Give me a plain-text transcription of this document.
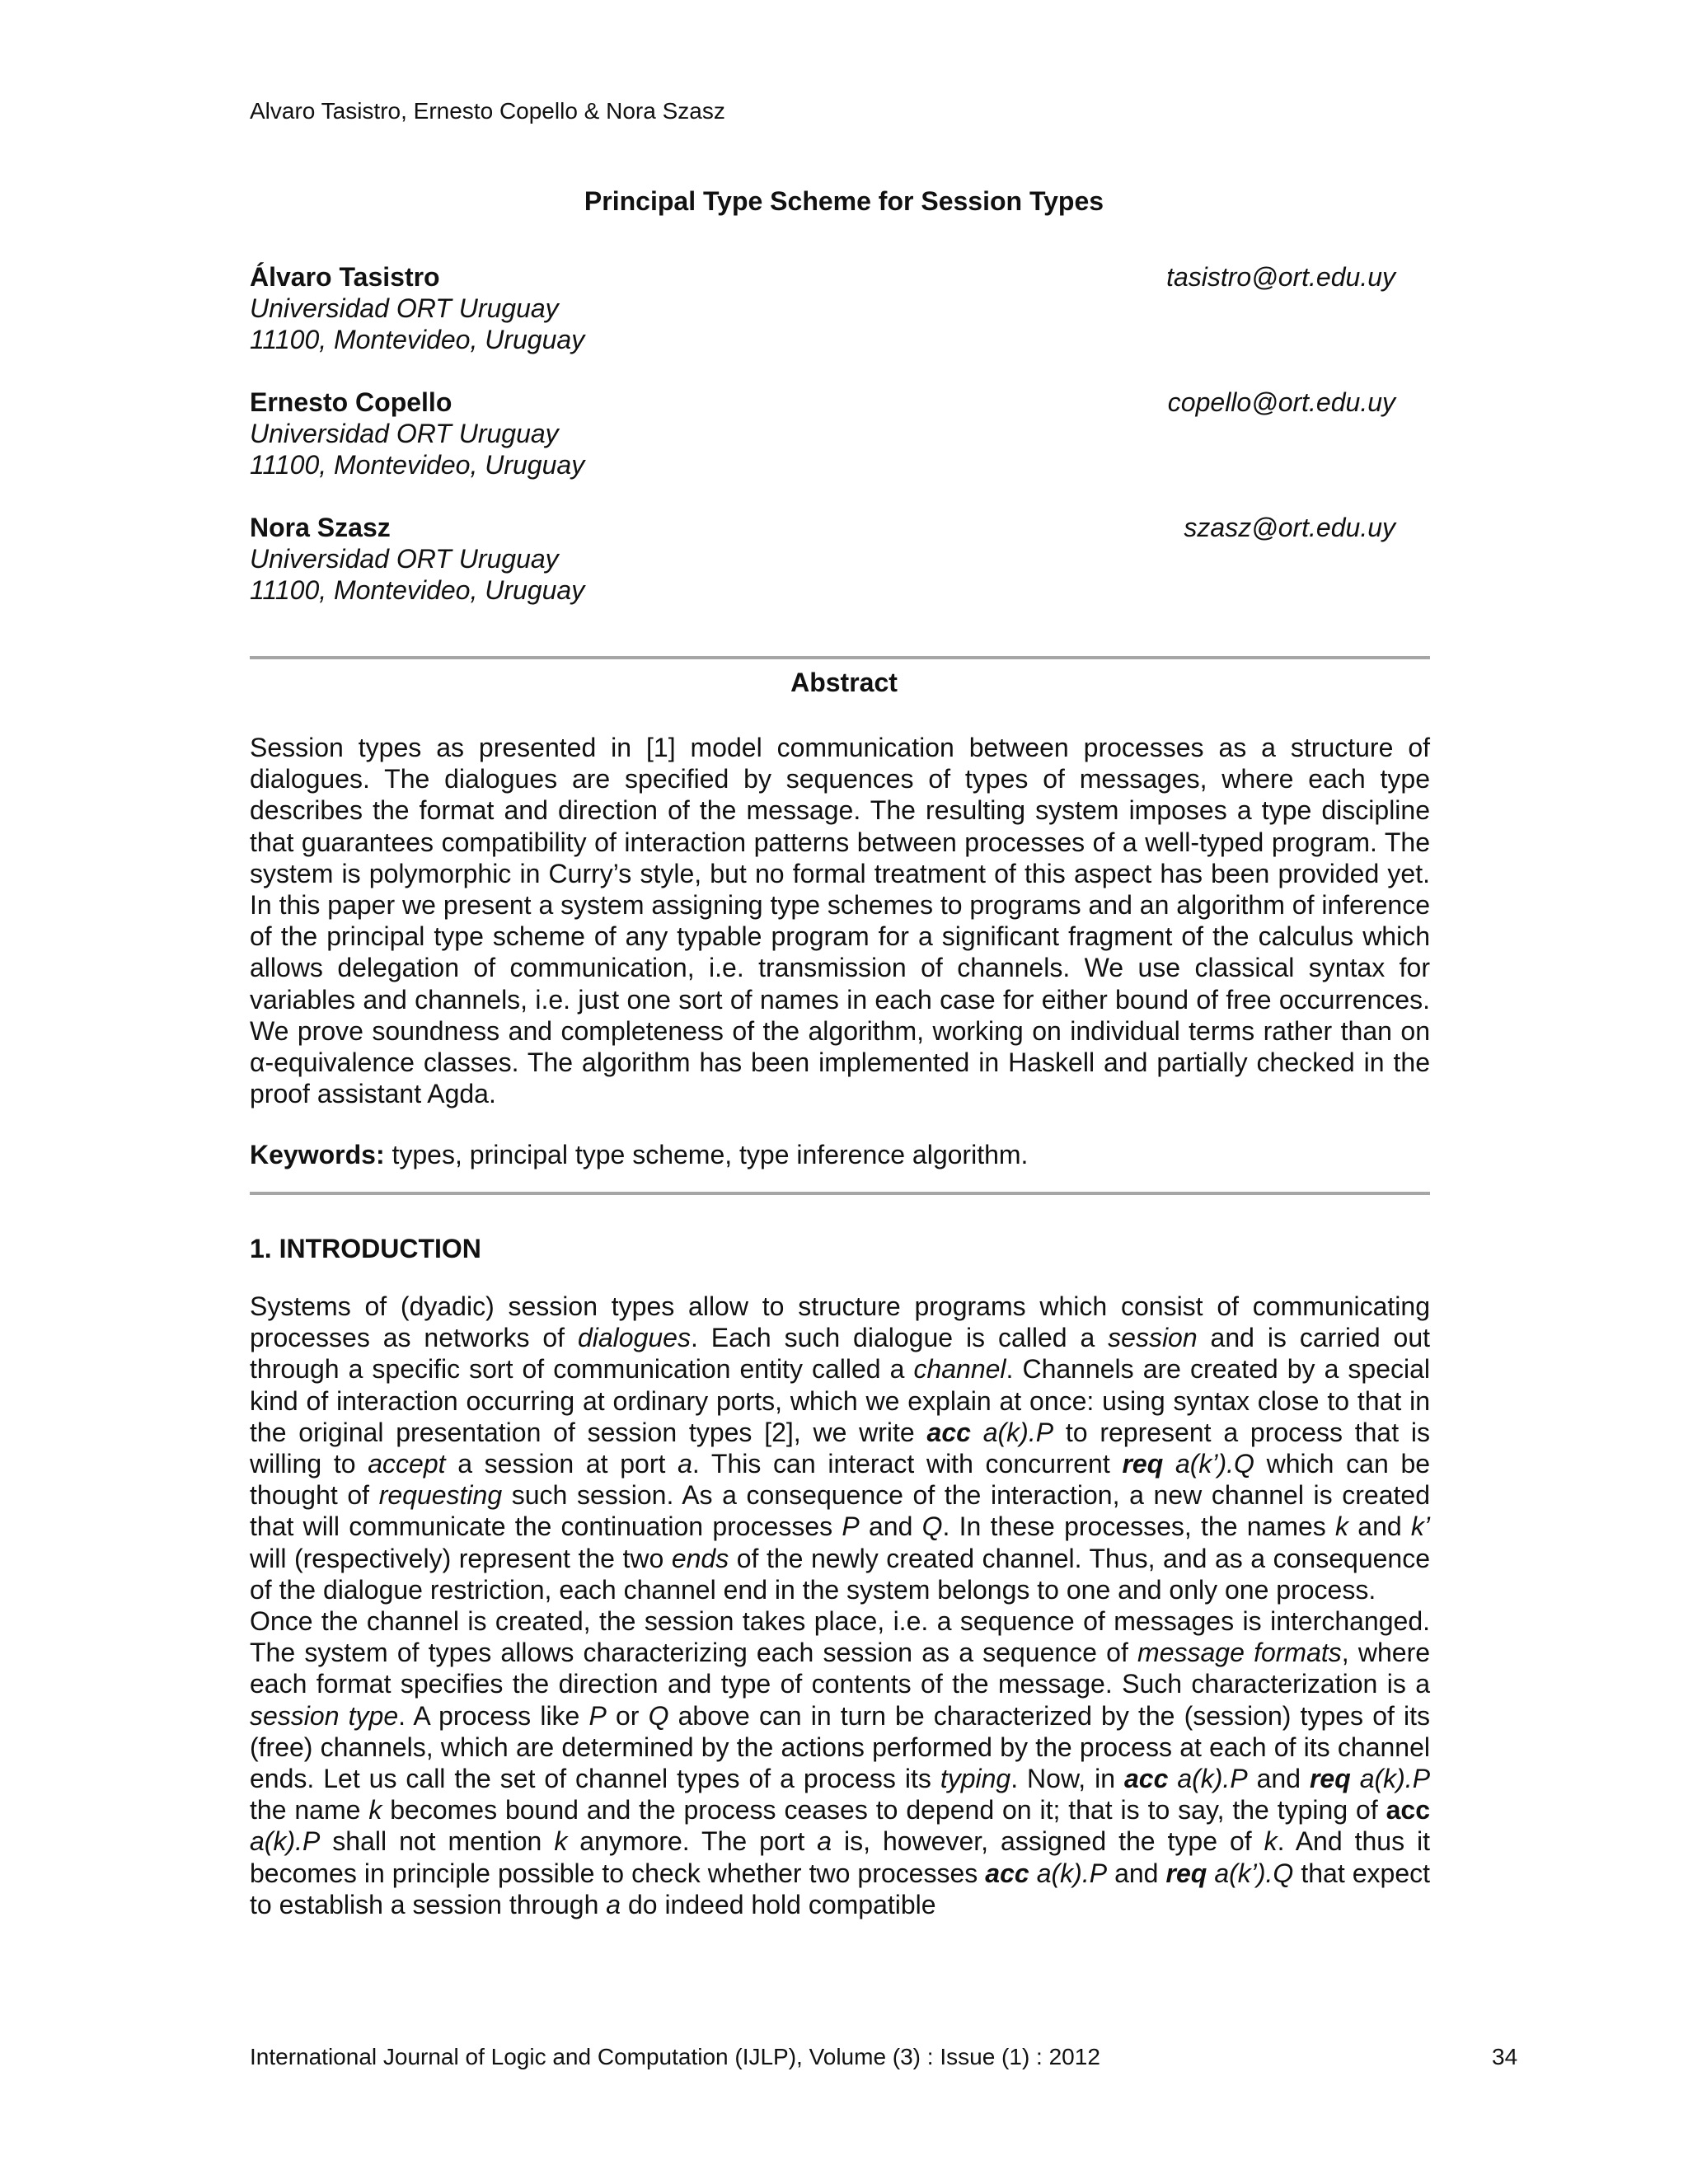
Alvaro Tasistro, Ernesto Copello & Nora Szasz
Principal Type Scheme for Session Types
Álvaro Tasistro
Universidad ORT Uruguay
11100, Montevideo, Uruguay
tasistro@ort.edu.uy
Ernesto Copello
Universidad ORT Uruguay
11100, Montevideo, Uruguay
copello@ort.edu.uy
Nora Szasz
Universidad ORT Uruguay
11100, Montevideo, Uruguay
szasz@ort.edu.uy
Abstract

Session types as presented in [1] model communication between processes as a structure of dialogues. The dialogues are specified by sequences of types of messages, where each type describes the format and direction of the message. The resulting system imposes a type discipline that guarantees compatibility of interaction patterns between processes of a well-typed program. The system is polymorphic in Curry’s style, but no formal treatment of this aspect has been provided yet. In this paper we present a system assigning type schemes to programs and an algorithm of inference of the principal type scheme of any typable program for a significant fragment of the calculus which allows delegation of communication, i.e. transmission of channels. We use classical syntax for variables and channels, i.e. just one sort of names in each case for either bound of free occurrences. We prove soundness and completeness of the algorithm, working on individual terms rather than on α-equivalence classes. The algorithm has been implemented in Haskell and partially checked in the proof assistant Agda.

Keywords: types, principal type scheme, type inference algorithm.
1. INTRODUCTION

Systems of (dyadic) session types allow to structure programs which consist of communicating processes as networks of dialogues. Each such dialogue is called a session and is carried out through a specific sort of communication entity called a channel. Channels are created by a special kind of interaction occurring at ordinary ports, which we explain at once: using syntax close to that in the original presentation of session types [2], we write acc a(k).P to represent a process that is willing to accept a session at port a. This can interact with concurrent req a(k’).Q which can be thought of requesting such session. As a consequence of the interaction, a new channel is created that will communicate the continuation processes P and Q. In these processes, the names k and k’ will (respectively) represent the two ends of the newly created channel. Thus, and as a consequence of the dialogue restriction, each channel end in the system belongs to one and only one process.

Once the channel is created, the session takes place, i.e. a sequence of messages is interchanged. The system of types allows characterizing each session as a sequence of message formats, where each format specifies the direction and type of contents of the message. Such characterization is a session type. A process like P or Q above can in turn be characterized by the (session) types of its (free) channels, which are determined by the actions performed by the process at each of its channel ends. Let us call the set of channel types of a process its typing. Now, in acc a(k).P and req a(k).P the name k becomes bound and the process ceases to depend on it; that is to say, the typing of acc a(k).P shall not mention k anymore. The port a is, however, assigned the type of k. And thus it becomes in principle possible to check whether two processes acc a(k).P and req a(k’).Q that expect to establish a session through a do indeed hold compatible

International Journal of Logic and Computation (IJLP), Volume (3) : Issue (1) : 2012	34
